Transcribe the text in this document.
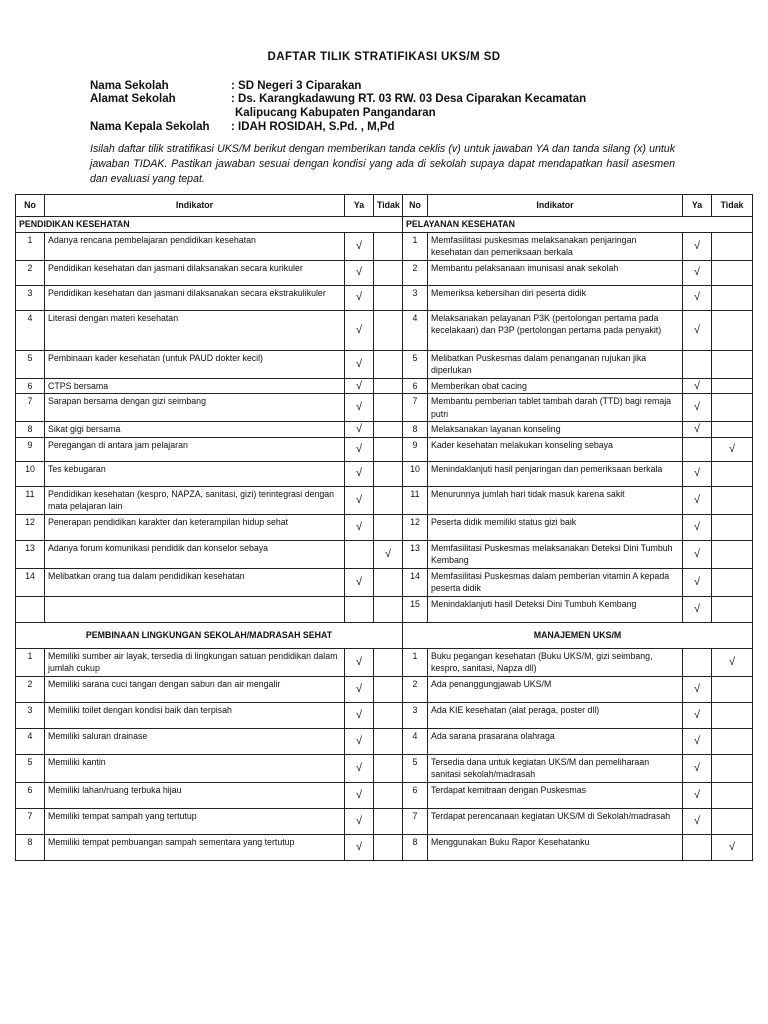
DAFTAR TILIK STRATIFIKASI UKS/M SD
Nama Sekolah	: SD Negeri 3 Ciparakan
Alamat Sekolah	: Ds. Karangkadawung RT. 03 RW. 03 Desa Ciparakan Kecamatan
Kalipucang Kabupaten Pangandaran
Nama Kepala Sekolah : IDAH ROSIDAH, S.Pd. , M,Pd
Isilah daftar tilik stratifikasi UKS/M berikut dengan memberikan tanda ceklis (v) untuk jawaban YA dan tanda silang (x) untuk jawaban TIDAK. Pastikan jawaban sesuai dengan kondisi yang ada di sekolah supaya dapat mendapatkan hasil asesmen dan evaluasi yang tepat.
No	Indikator	Ya	Tidak	No	Indikator	Ya	Tidak
PENDIDIKAN KESEHATAN				PELAYANAN KESEHATAN			
1	Adanya rencana pembelajaran pendidikan kesehatan	√		1	Memfasilitasi puskesmas melaksanakan penjaringan kesehatan dan pemeriksaan berkala	√	
2	Pendidikan kesehatan dan jasmani dilaksanakan secara kurikuler	√		2	Membantu pelaksanaan imunisasi anak sekolah	√	
3	Pendidikan kesehatan dan jasmani dilaksanakan secara ekstrakulikuler	√		3	Memeriksa kebersihan diri peserta didik	√	
4	Literasi dengan materi kesehatan	√		4	Melaksanakan pelayanan P3K (pertolongan pertama pada kecelakaan) dan P3P (pertolongan pertama pada penyakit)	√	
5	Pembinaan kader kesehatan (untuk PAUD dokter kecil)	√		5	Melibatkan Puskesmas dalam penanganan rujukan jika diperlukan		
6	CTPS bersama	√		6	Memberikan obat cacing	√	
7	Sarapan bersama dengan gizi seimbang	√		7	Membantu pemberian tablet tambah darah (TTD) bagi remaja putri	√	
8	Sikat gigi bersama	√		8	Melaksanakan layanan konseling	√	
9	Peregangan di antara jam pelajaran	√		9	Kader kesehatan melakukan konseling sebaya		√
10	Tes kebugaran	√		10	Menindaklanjuti hasil penjaringan dan pemeriksaan berkala	√	
11	Pendidikan kesehatan (kespro, NAPZA, sanitasi, gizi) terintegrasi dengan mata pelajaran lain	√		11	Menurunnya jumlah hari tidak masuk karena sakit	√	
12	Penerapan pendidikan karakter dan keterampilan hidup sehat	√		12	Peserta didik memiliki status gizi baik	√	
13	Adanya forum komunikasi pendidik dan konselor sebaya		√	13	Memfasilitasi Puskesmas melaksanakan Deteksi Dini Tumbuh Kembang	√	
14	Melibatkan orang tua dalam pendidikan kesehatan	√		14	Memfasilitasi Puskesmas dalam pemberian vitamin A kepada peserta didik	√	
				15	Menindaklanjuti hasil Deteksi Dini Tumbuh Kembang	√	
PEMBINAAN LINGKUNGAN SEKOLAH/MADRASAH SEHAT				MANAJEMEN UKS/M			
1	Memiliki sumber air layak, tersedia di lingkungan satuan pendidikan dalam jumlah cukup	√		1	Buku pegangan kesehatan (Buku UKS/M, gizi seimbang, kespro, sanitasi, Napza dll)		√
2	Memiliki sarana cuci tangan dengan sabun dan air mengalir	√		2	Ada penanggungjawab UKS/M	√	
3	Memiliki toilet dengan kondisi baik dan terpisah	√		3	Ada KIE kesehatan (alat peraga, poster dll)	√	
4	Memiliki saluran drainase	√		4	Ada sarana prasarana olahraga	√	
5	Memiliki kantin	√		5	Tersedia dana untuk kegiatan UKS/M dan pemeliharaan sanitasi sekolah/madrasah	√	
6	Memiliki lahan/ruang terbuka hijau	√		6	Terdapat kemitraan dengan Puskesmas	√	
7	Memiliki tempat sampah yang tertutup	√		7	Terdapat perencanaan kegiatan UKS/M di Sekolah/madrasah	√	
8	Memiliki tempat pembuangan sampah sementara yang tertutup	√		8	Menggunakan Buku Rapor Kesehatanku		√
